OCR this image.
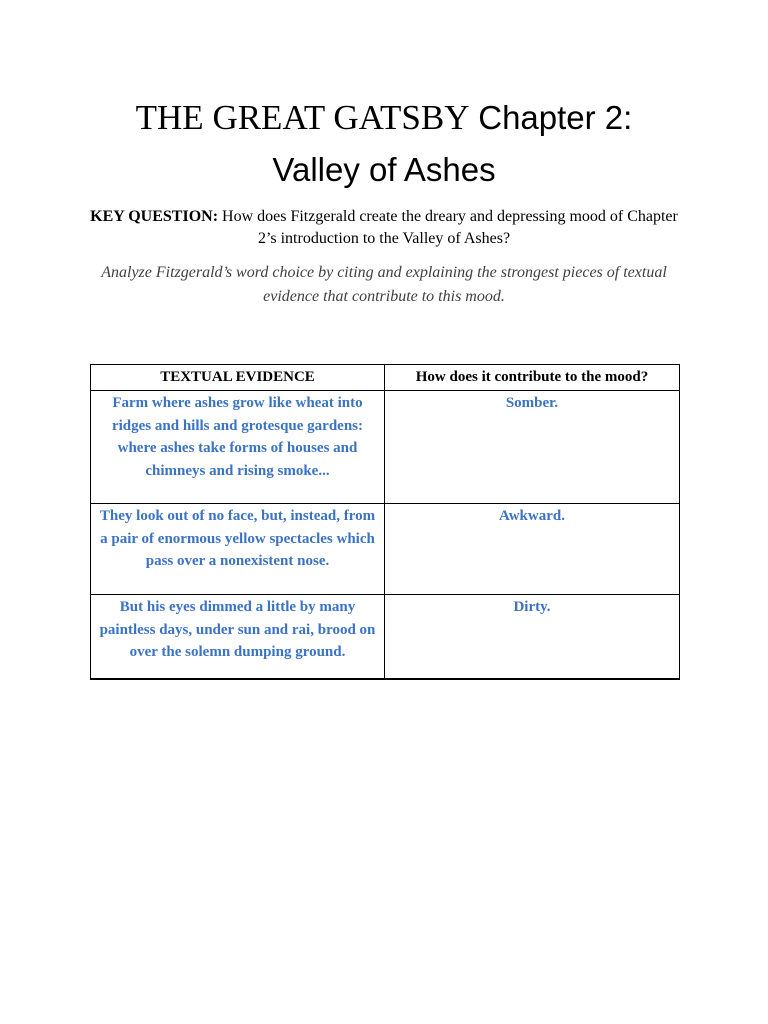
THE GREAT GATSBY Chapter 2:
Valley of Ashes

KEY QUESTION: How does Fitzgerald create the dreary and depressing mood of Chapter 2’s introduction to the Valley of Ashes?

Analyze Fitzgerald’s word choice by citing and explaining the strongest pieces of textual evidence that contribute to this mood.

TEXTUAL EVIDENCE	How does it contribute to the mood?
Farm where ashes grow like wheat into ridges and hills and grotesque gardens: where ashes take forms of houses and chimneys and rising smoke...	Somber.
They look out of no face, but, instead, from a pair of enormous yellow spectacles which pass over a nonexistent nose.	Awkward.
But his eyes dimmed a little by many paintless days, under sun and rai, brood on over the solemn dumping ground.	Dirty.
